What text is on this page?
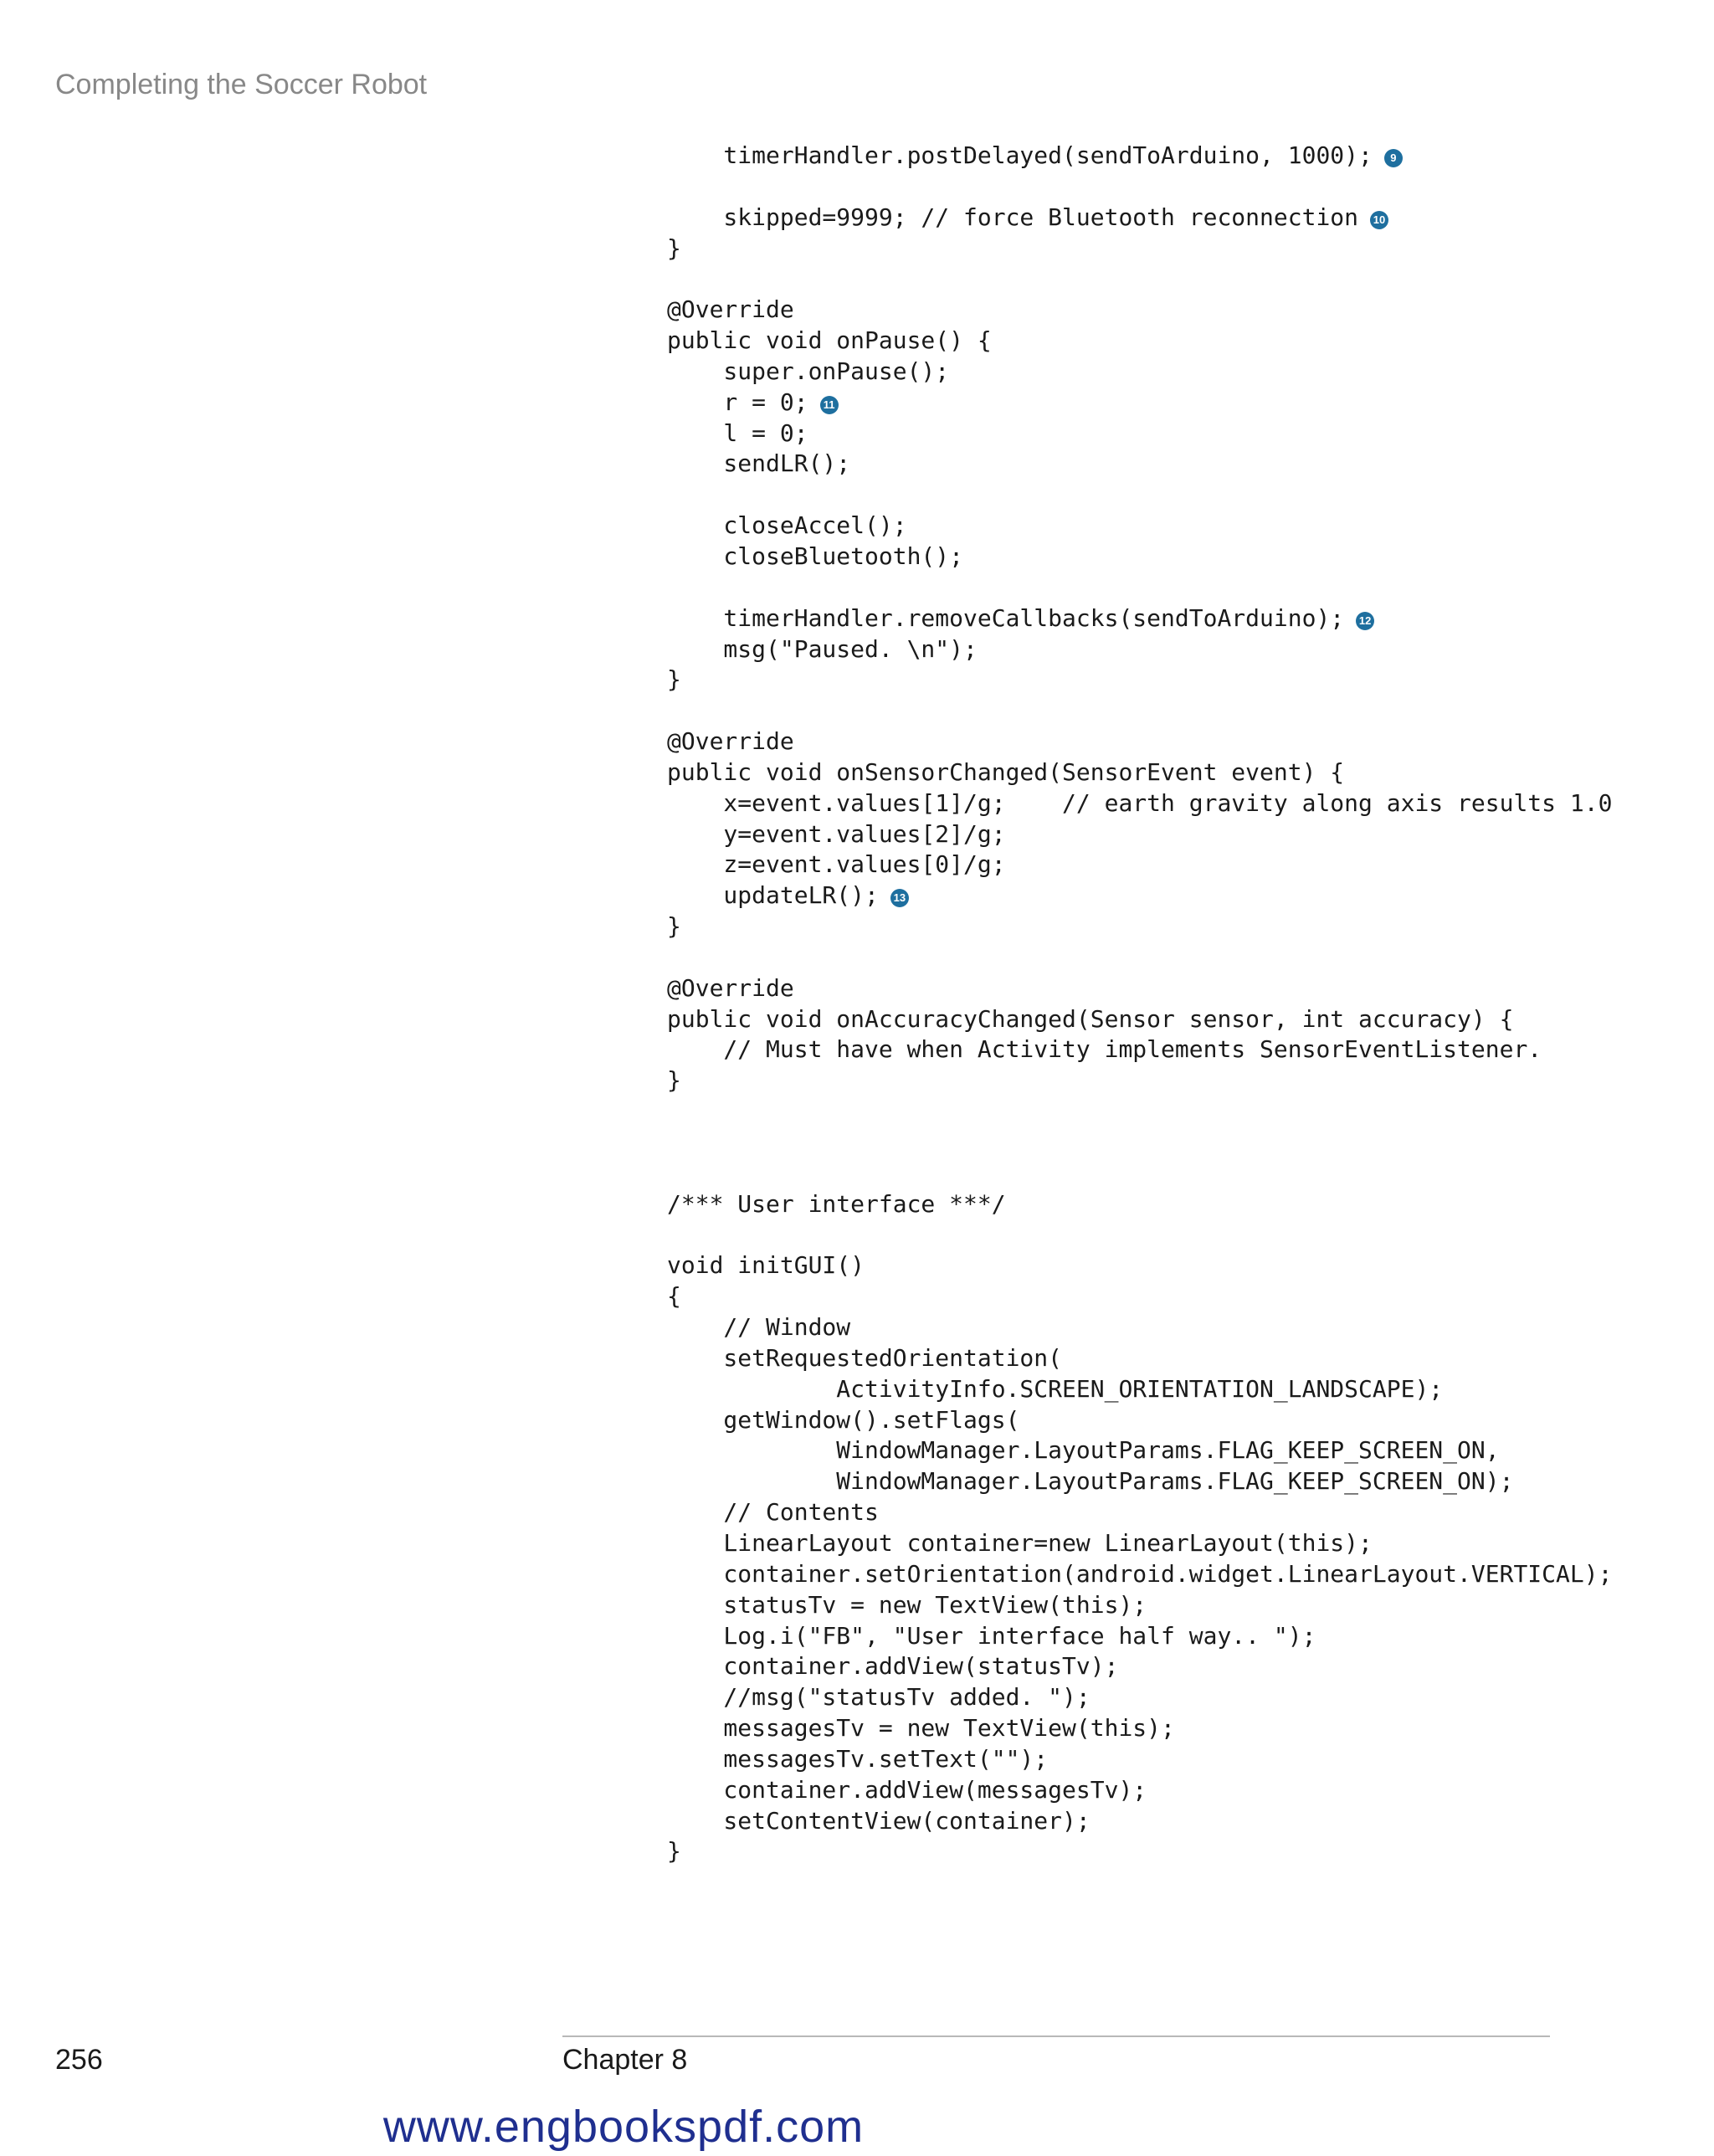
Completing the Soccer Robot
timerHandler.postDelayed(sendToArduino, 1000); 9
skipped=9999; // force Bluetooth reconnection 10
}
@Override
public void onPause() {
super.onPause();
r = 0; 11
l = 0;
sendLR();
closeAccel();
closeBluetooth();
timerHandler.removeCallbacks(sendToArduino); 12
msg("Paused. \n");
}
@Override
public void onSensorChanged(SensorEvent event) {
x=event.values[1]/g;    // earth gravity along axis results 1.0
y=event.values[2]/g;
z=event.values[0]/g;
updateLR(); 13
}
@Override
public void onAccuracyChanged(Sensor sensor, int accuracy) {
// Must have when Activity implements SensorEventListener.
}
/*** User interface ***/
void initGUI()
{
// Window
setRequestedOrientation(
ActivityInfo.SCREEN_ORIENTATION_LANDSCAPE);
getWindow().setFlags(
WindowManager.LayoutParams.FLAG_KEEP_SCREEN_ON,
WindowManager.LayoutParams.FLAG_KEEP_SCREEN_ON);
// Contents
LinearLayout container=new LinearLayout(this);
container.setOrientation(android.widget.LinearLayout.VERTICAL);
statusTv = new TextView(this);
Log.i("FB", "User interface half way.. ");
container.addView(statusTv);
//msg("statusTv added. ");
messagesTv = new TextView(this);
messagesTv.setText("");
container.addView(messagesTv);
setContentView(container);
}
256	Chapter 8
www.engbookspdf.com
